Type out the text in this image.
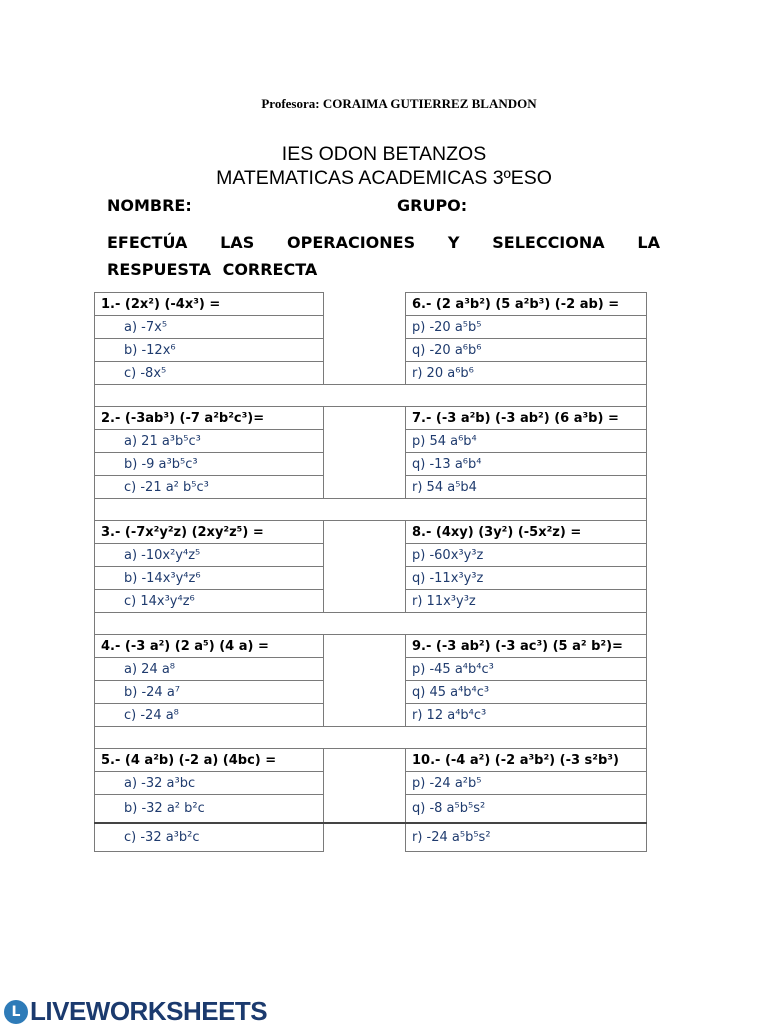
Profesora: CORAIMA GUTIERREZ BLANDON
IES ODON BETANZOS
MATEMATICAS ACADEMICAS 3ºESO
NOMBRE:	GRUPO:
EFECTÚA LAS OPERACIONES Y SELECCIONA LA RESPUESTA CORRECTA
1.- (2x²) (-4x³) =		6.- (2 a³b²) (5 a²b³) (-2 ab) =
a) -7x⁵		p) -20 a⁵b⁵
b) -12x⁶		q) -20 a⁶b⁶
c) -8x⁵		r) 20 a⁶b⁶

2.- (-3ab³) (-7 a²b²c³)=		7.- (-3 a²b) (-3 ab²) (6 a³b) =
a) 21 a³b⁵c³		p) 54 a⁶b⁴
b) -9 a³b⁵c³		q) -13 a⁶b⁴
c) -21 a² b⁵c³		r) 54 a⁵b4

3.- (-7x²y²z) (2xy²z⁵) =		8.- (4xy) (3y²) (-5x²z) =
a) -10x²y⁴z⁵		p) -60x³y³z
b) -14x³y⁴z⁶		q) -11x³y³z
c) 14x³y⁴z⁶		r) 11x³y³z

4.- (-3 a²) (2 a⁵) (4 a) =		9.- (-3 ab²) (-3 ac³) (5 a² b²)=
a) 24 a⁸		p) -45 a⁴b⁴c³
b) -24 a⁷		q) 45 a⁴b⁴c³
c) -24 a⁸		r) 12 a⁴b⁴c³

5.- (4 a²b) (-2 a) (4bc) =		10.- (-4 a²) (-2 a³b²) (-3 s²b³)
a) -32 a³bc		p) -24 a²b⁵
b) -32 a² b²c		q) -8 a⁵b⁵s²
c) -32 a³b²c		r) -24 a⁵b⁵s²
L LIVEWORKSHEETS
